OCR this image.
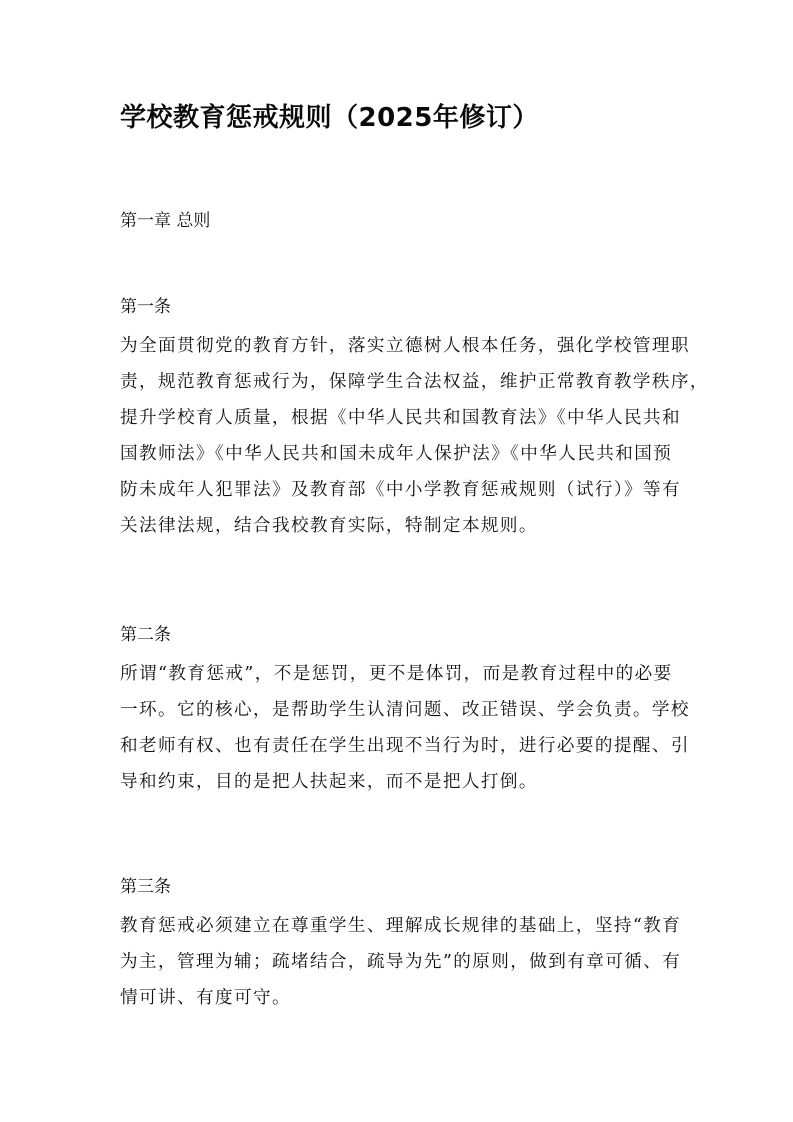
学校教育惩戒规则（2025年修订）
第一章 总则
第一条

为全面贯彻党的教育方针，落实立德树人根本任务，强化学校管理职
责，规范教育惩戒行为，保障学生合法权益，维护正常教育教学秩序，
提升学校育人质量，根据《中华人民共和国教育法》《中华人民共和
国教师法》《中华人民共和国未成年人保护法》《中华人民共和国预
防未成年人犯罪法》及教育部《中小学教育惩戒规则（试行）》等有
关法律法规，结合我校教育实际，特制定本规则。

第二条

所谓“教育惩戒”，不是惩罚，更不是体罚，而是教育过程中的必要
一环。它的核心，是帮助学生认清问题、改正错误、学会负责。学校
和老师有权、也有责任在学生出现不当行为时，进行必要的提醒、引
导和约束，目的是把人扶起来，而不是把人打倒。

第三条

教育惩戒必须建立在尊重学生、理解成长规律的基础上，坚持“教育
为主，管理为辅；疏堵结合，疏导为先”的原则，做到有章可循、有
情可讲、有度可守。
